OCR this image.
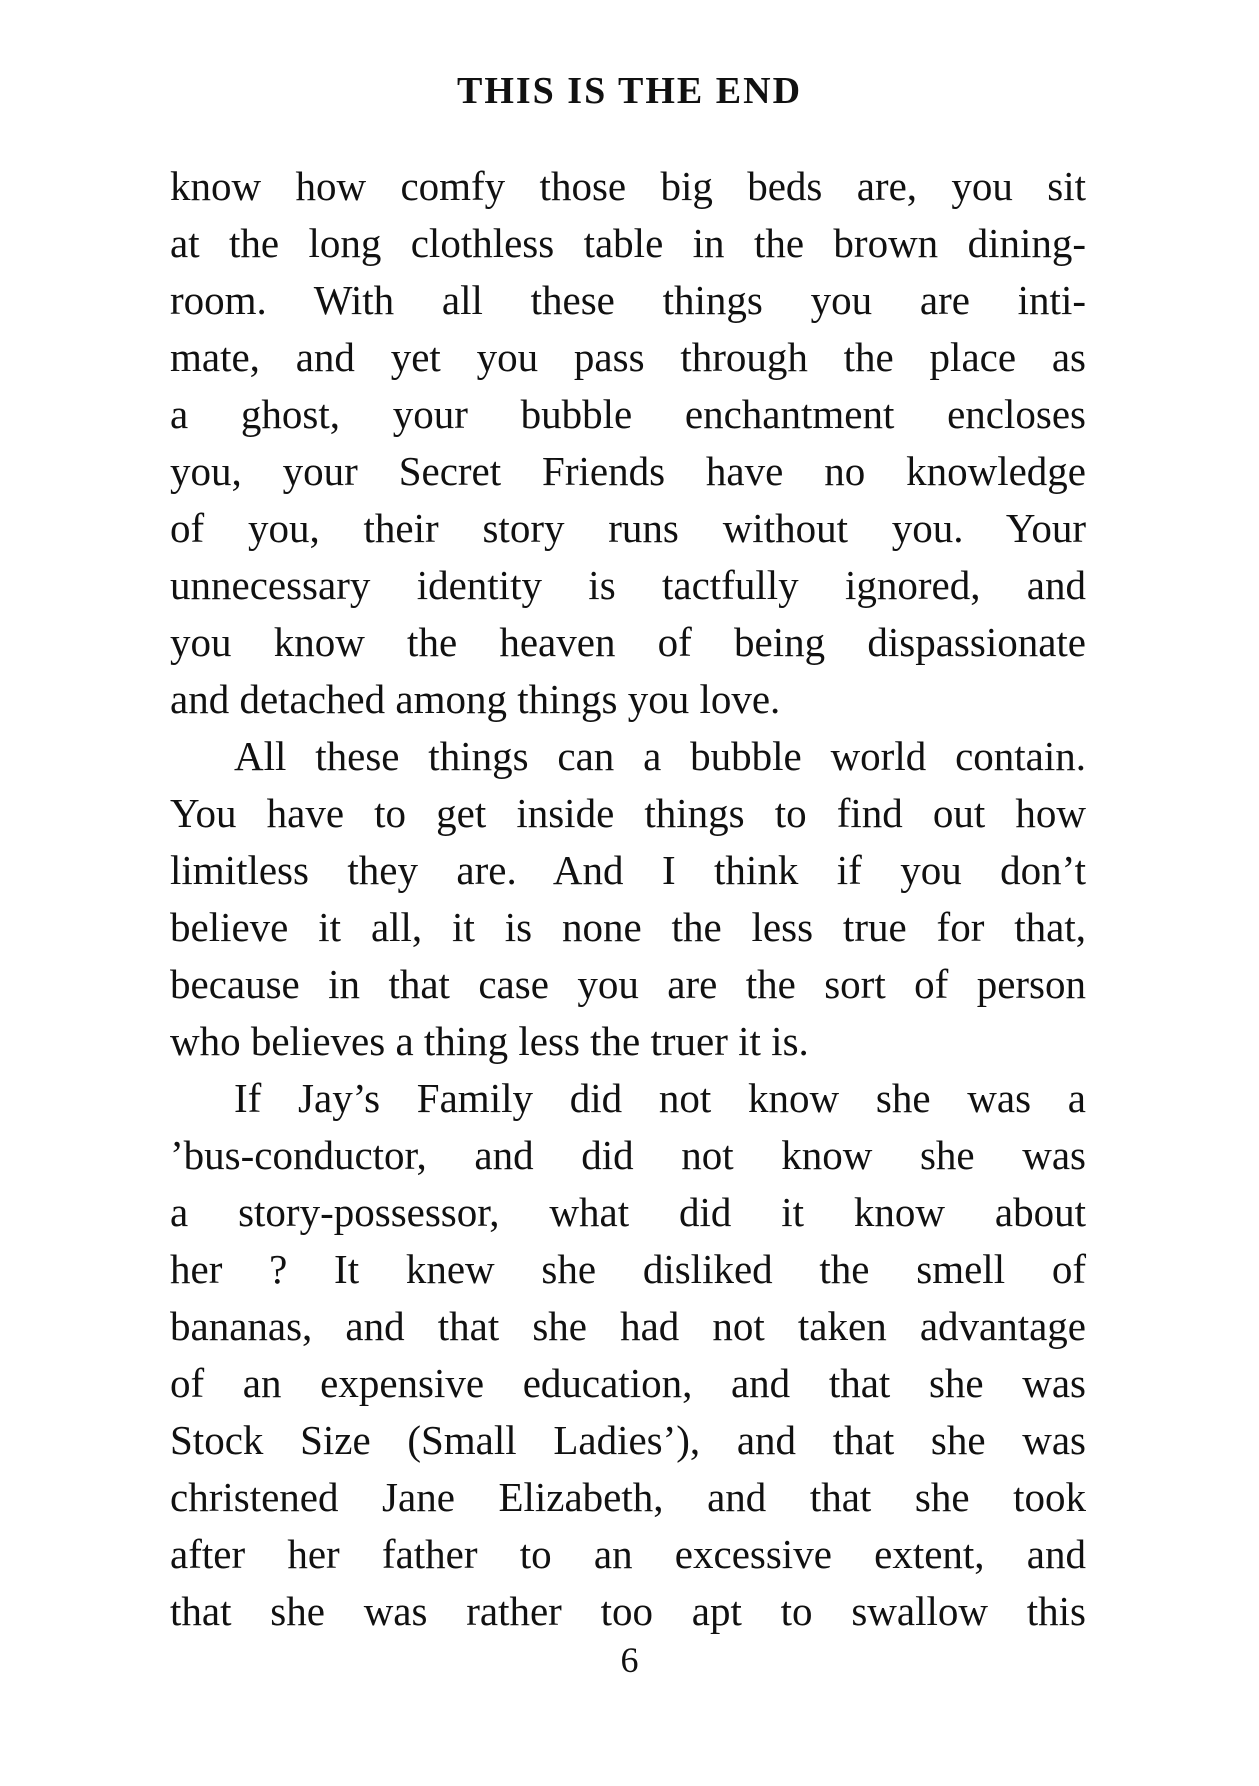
THIS IS THE END
know how comfy those big beds are, you sit
at the long clothless table in the brown dining-
room. With all these things you are inti-
mate, and yet you pass through the place as
a ghost, your bubble enchantment encloses
you, your Secret Friends have no knowledge
of you, their story runs without you. Your
unnecessary identity is tactfully ignored, and
you know the heaven of being dispassionate
and detached among things you love.
All these things can a bubble world contain.
You have to get inside things to find out how
limitless they are. And I think if you don’t
believe it all, it is none the less true for that,
because in that case you are the sort of person
who believes a thing less the truer it is.
If Jay’s Family did not know she was a
’bus-conductor, and did not know she was
a story-possessor, what did it know about
her ? It knew she disliked the smell of
bananas, and that she had not taken advantage
of an expensive education, and that she was
Stock Size (Small Ladies’), and that she was
christened Jane Elizabeth, and that she took
after her father to an excessive extent, and
that she was rather too apt to swallow this
6
